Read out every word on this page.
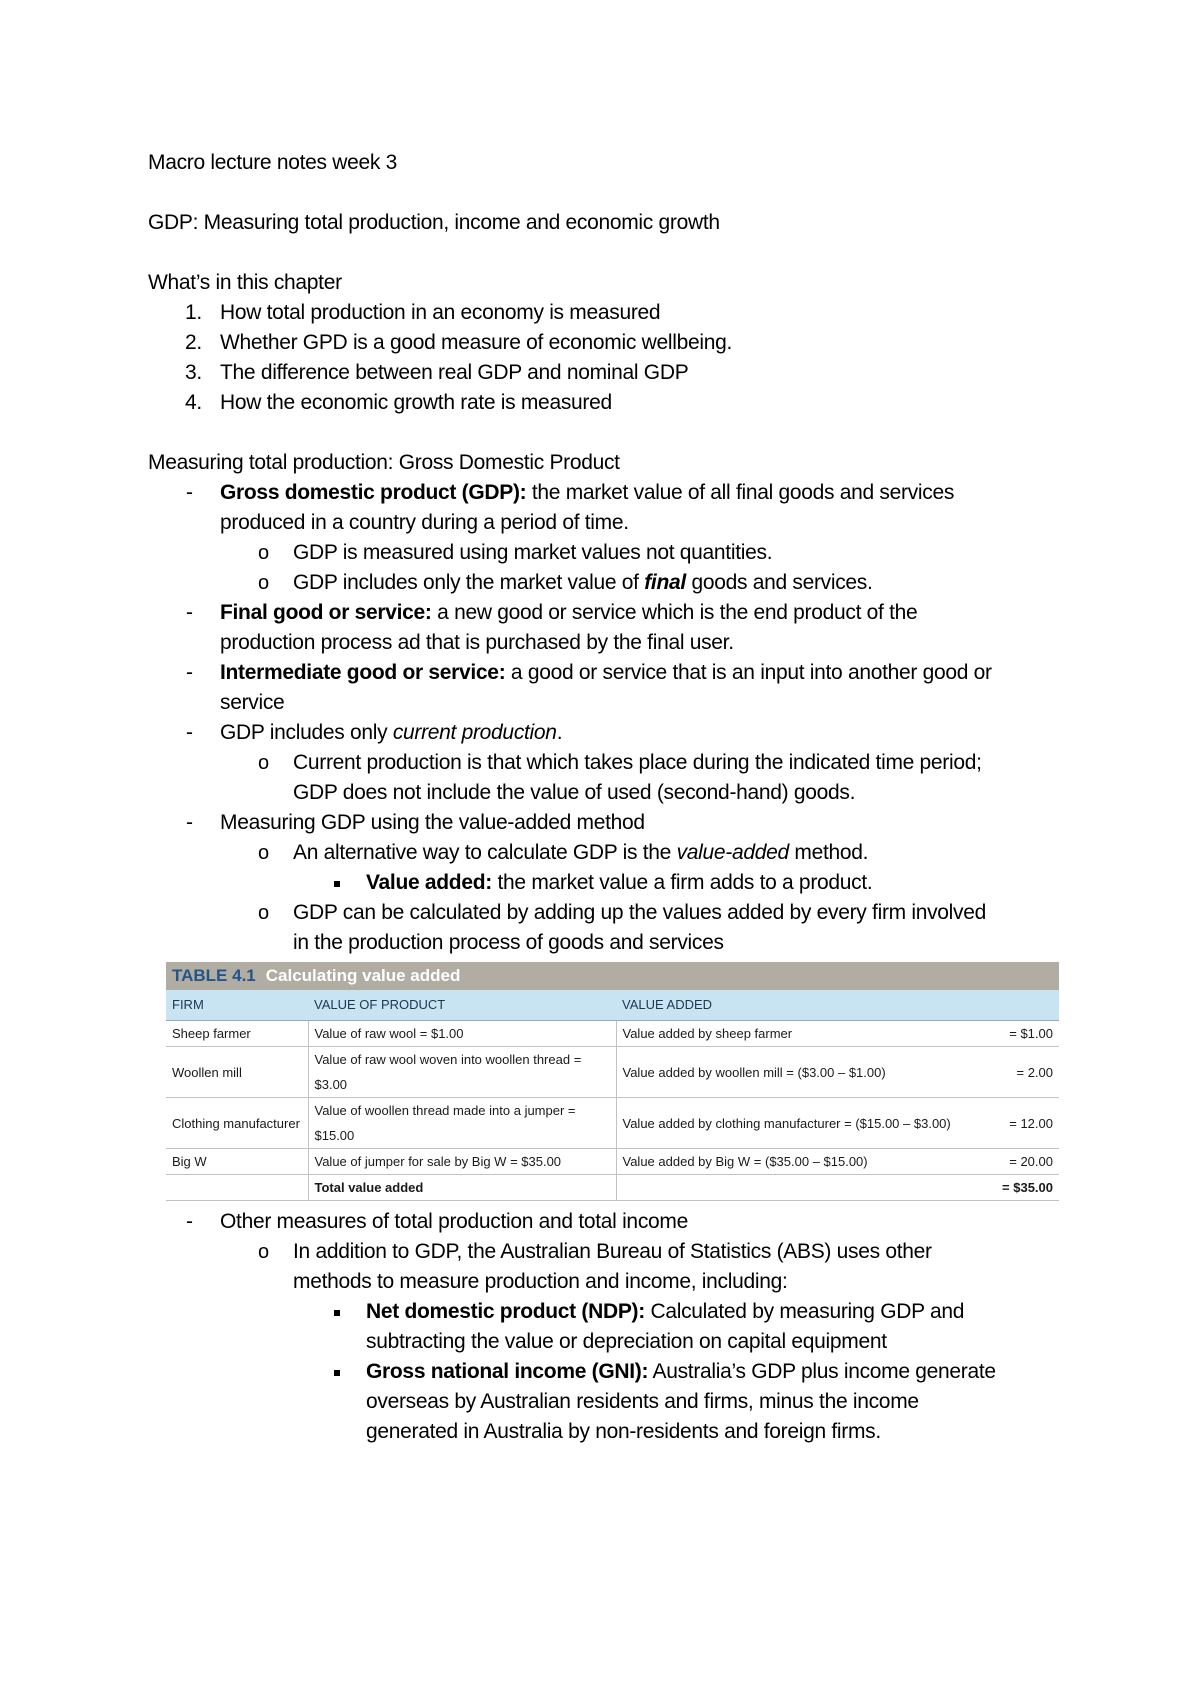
Macro lecture notes week 3

GDP: Measuring total production, income and economic growth

What’s in this chapter

1. How total production in an economy is measured
2. Whether GPD is a good measure of economic wellbeing.
3. The difference between real GDP and nominal GDP
4. How the economic growth rate is measured

Measuring total production: Gross Domestic Product

- Gross domestic product (GDP): the market value of all final goods and services
produced in a country during a period of time.
o GDP is measured using market values not quantities.
o GDP includes only the market value of final goods and services.
- Final good or service: a new good or service which is the end product of the
production process ad that is purchased by the final user.
- Intermediate good or service: a good or service that is an input into another good or
service
- GDP includes only current production.
o Current production is that which takes place during the indicated time period;
GDP does not include the value of used (second-hand) goods.
- Measuring GDP using the value-added method
o An alternative way to calculate GDP is the value-added method.
Value added: the market value a firm adds to a product.
o GDP can be calculated by adding up the values added by every firm involved
in the production process of goods and services
TABLE 4.1 Calculating value added
FIRM	VALUE OF PRODUCT	VALUE ADDED	
Sheep farmer	Value of raw wool = $1.00	Value added by sheep farmer	= $1.00
Woollen mill	Value of raw wool woven into woollen thread = $3.00	Value added by woollen mill = ($3.00 – $1.00)	= 2.00
Clothing manufacturer	Value of woollen thread made into a jumper = $15.00	Value added by clothing manufacturer = ($15.00 – $3.00)	= 12.00
Big W	Value of jumper for sale by Big W = $35.00	Value added by Big W = ($35.00 – $15.00)	= 20.00
	Total value added		= $35.00
- Other measures of total production and total income
o In addition to GDP, the Australian Bureau of Statistics (ABS) uses other
methods to measure production and income, including:
Net domestic product (NDP): Calculated by measuring GDP and
subtracting the value or depreciation on capital equipment
Gross national income (GNI): Australia’s GDP plus income generate
overseas by Australian residents and firms, minus the income
generated in Australia by non-residents and foreign firms.
